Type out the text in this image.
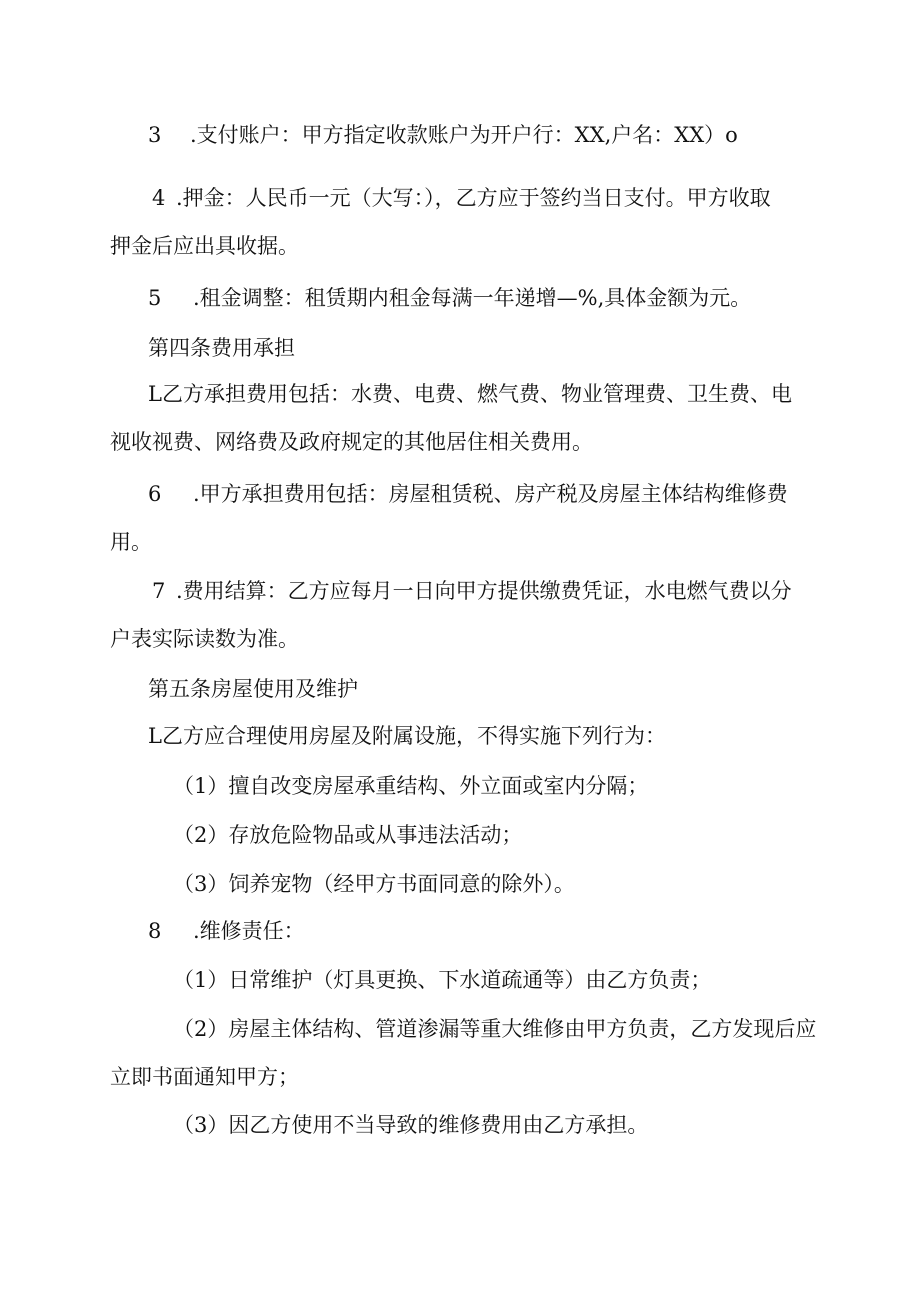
3 .支付账户：甲方指定收款账户为开户行：XX,户名：XX）o
4 .押金：人民币一元（大写：），乙方应于签约当日支付。甲方收取
押金后应出具收据。
5 .租金调整：租赁期内租金每满一年递增—%,具体金额为元。
第四条费用承担
L乙方承担费用包括：水费、电费、燃气费、物业管理费、卫生费、电
视收视费、网络费及政府规定的其他居住相关费用。
6 .甲方承担费用包括：房屋租赁税、房产税及房屋主体结构维修费
用。
7 .费用结算：乙方应每月一日向甲方提供缴费凭证，水电燃气费以分
户表实际读数为准。
第五条房屋使用及维护
L乙方应合理使用房屋及附属设施，不得实施下列行为：
（1）擅自改变房屋承重结构、外立面或室内分隔；
（2）存放危险物品或从事违法活动；
（3）饲养宠物（经甲方书面同意的除外）。
8 .维修责任：
（1）日常维护（灯具更换、下水道疏通等）由乙方负责；
（2）房屋主体结构、管道渗漏等重大维修由甲方负责，乙方发现后应
立即书面通知甲方；
（3）因乙方使用不当导致的维修费用由乙方承担。
